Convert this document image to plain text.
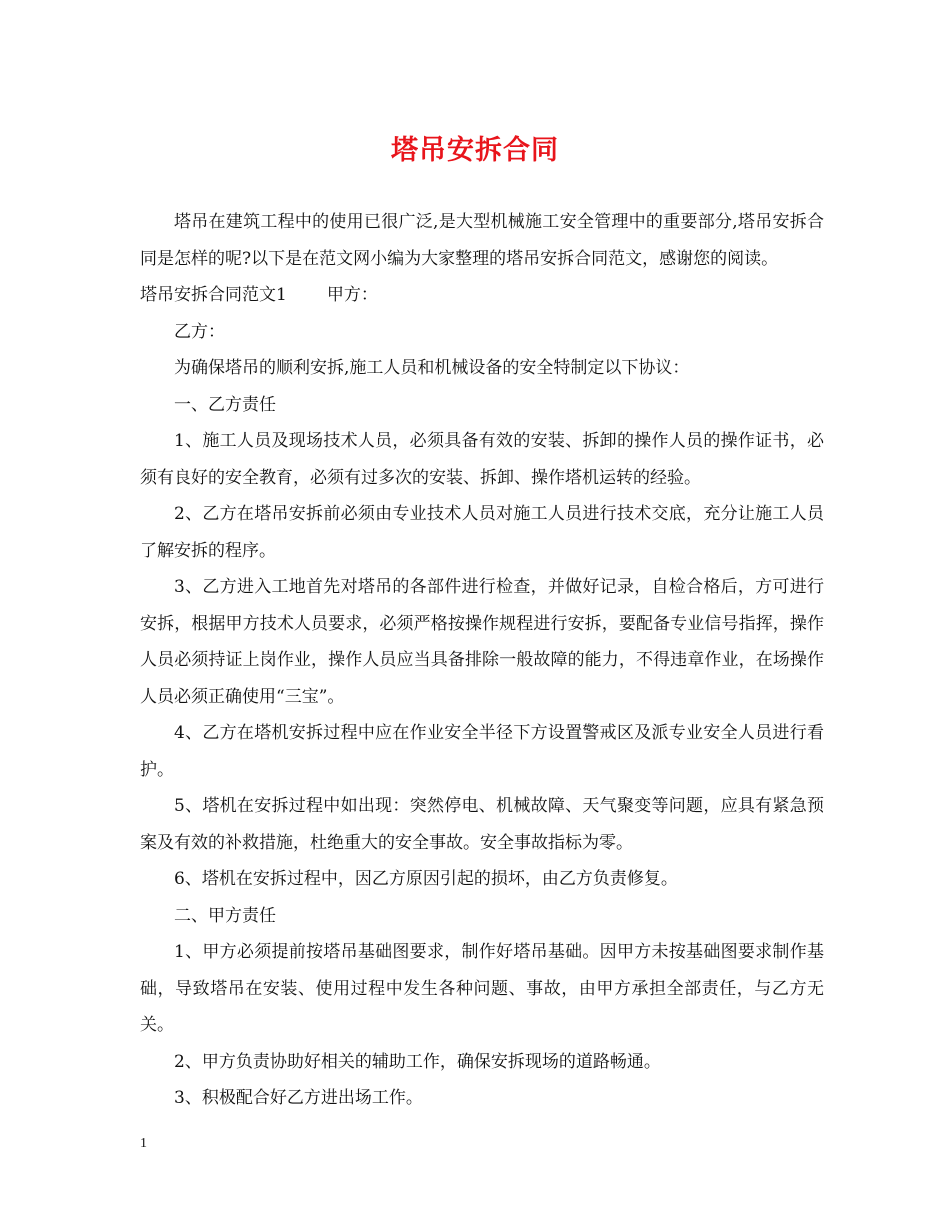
塔吊安拆合同

塔吊在建筑工程中的使用已很广泛,是大型机械施工安全管理中的重要部分,塔吊安拆合同是怎样的呢?以下是在范文网小编为大家整理的塔吊安拆合同范文，感谢您的阅读。

塔吊安拆合同范文1 甲方：

乙方：

为确保塔吊的顺利安拆,施工人员和机械设备的安全特制定以下协议：

一、乙方责任

1、施工人员及现场技术人员，必须具备有效的安装、拆卸的操作人员的操作证书，必须有良好的安全教育，必须有过多次的安装、拆卸、操作塔机运转的经验。

2、乙方在塔吊安拆前必须由专业技术人员对施工人员进行技术交底，充分让施工人员了解安拆的程序。

3、乙方进入工地首先对塔吊的各部件进行检查，并做好记录，自检合格后，方可进行安拆，根据甲方技术人员要求，必须严格按操作规程进行安拆，要配备专业信号指挥，操作人员必须持证上岗作业，操作人员应当具备排除一般故障的能力，不得违章作业，在场操作人员必须正确使用“三宝”。

4、乙方在塔机安拆过程中应在作业安全半径下方设置警戒区及派专业安全人员进行看护。

5、塔机在安拆过程中如出现：突然停电、机械故障、天气聚变等问题，应具有紧急预案及有效的补救措施，杜绝重大的安全事故。安全事故指标为零。

6、塔机在安拆过程中，因乙方原因引起的损坏，由乙方负责修复。

二、甲方责任

1、甲方必须提前按塔吊基础图要求，制作好塔吊基础。因甲方未按基础图要求制作基础，导致塔吊在安装、使用过程中发生各种问题、事故，由甲方承担全部责任，与乙方无关。

2、甲方负责协助好相关的辅助工作，确保安拆现场的道路畅通。

3、积极配合好乙方进出场工作。

1
